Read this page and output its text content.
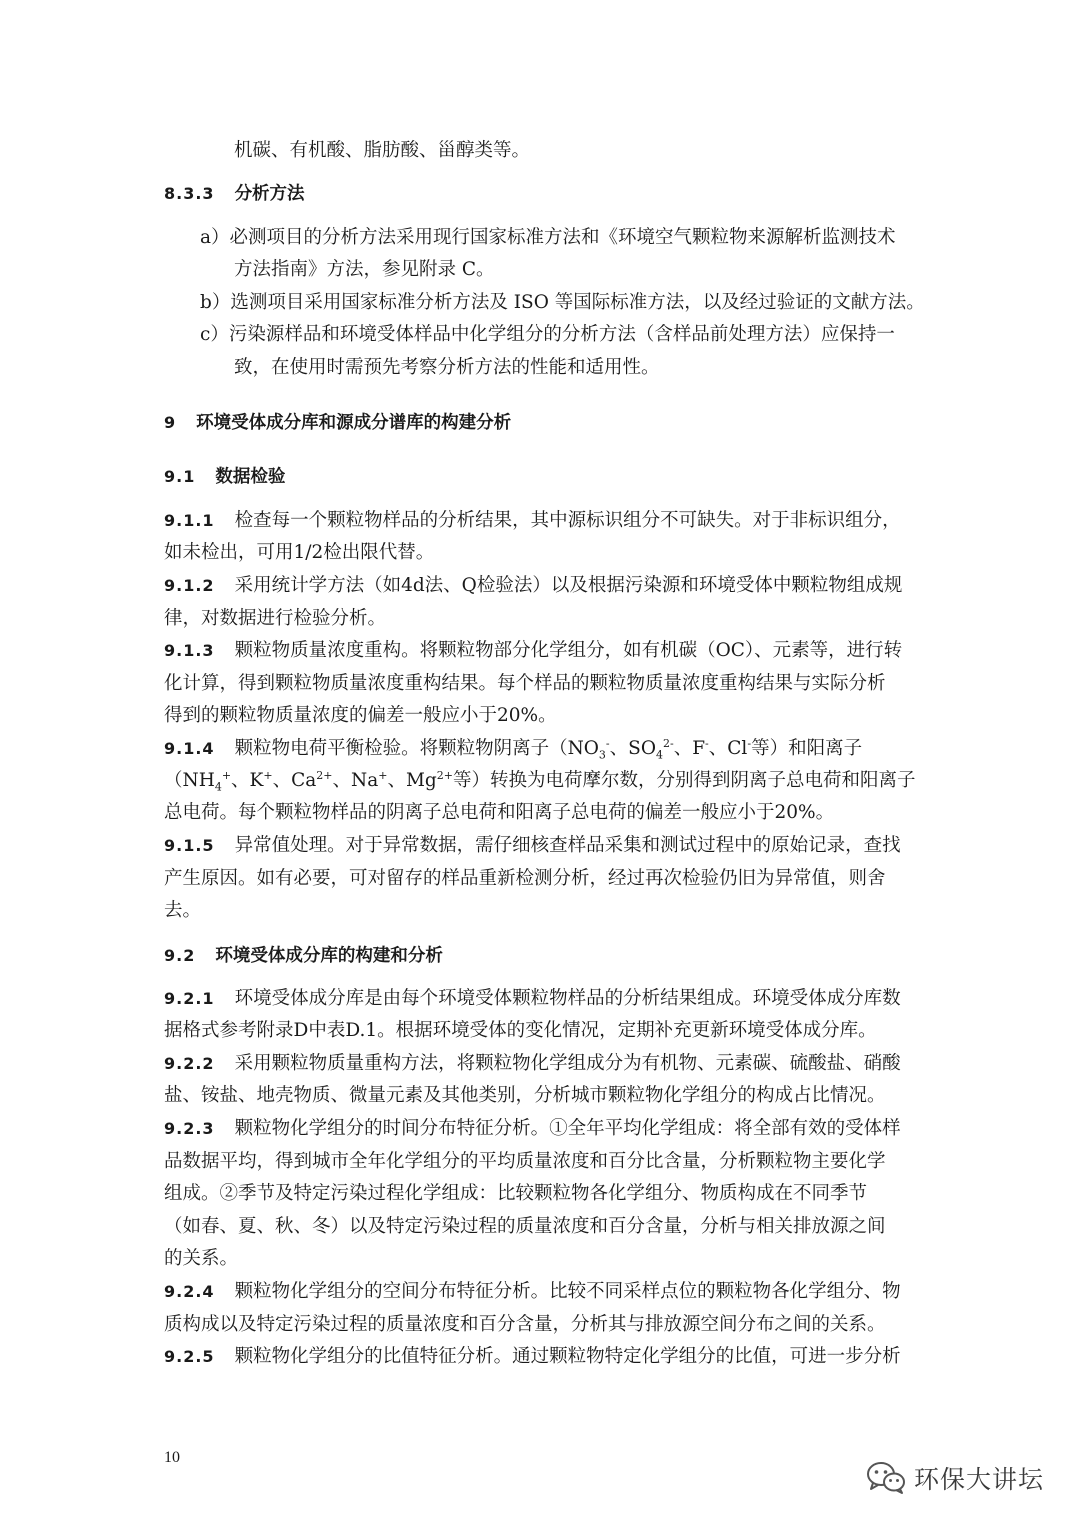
机碳、有机酸、脂肪酸、甾醇类等。

8.3.3 分析方法

a）必测项目的分析方法采用现行国家标准方法和《环境空气颗粒物来源解析监测技术

方法指南》方法，参见附录 C。

b）选测项目采用国家标准分析方法及 ISO 等国际标准方法，以及经过验证的文献方法。

c）污染源样品和环境受体样品中化学组分的分析方法（含样品前处理方法）应保持一

致，在使用时需预先考察分析方法的性能和适用性。

9 环境受体成分库和源成分谱库的构建分析

9.1 数据检验

9.1.1 检查每一个颗粒物样品的分析结果，其中源标识组分不可缺失。对于非标识组分，

如未检出，可用1/2检出限代替。

9.1.2 采用统计学方法（如4d法、Q检验法）以及根据污染源和环境受体中颗粒物组成规

律，对数据进行检验分析。

9.1.3 颗粒物质量浓度重构。将颗粒物部分化学组分，如有机碳（OC）、元素等，进行转

化计算，得到颗粒物质量浓度重构结果。每个样品的颗粒物质量浓度重构结果与实际分析

得到的颗粒物质量浓度的偏差一般应小于20%。

9.1.4 颗粒物电荷平衡检验。将颗粒物阴离子（$NO_3^-$、$SO_4^{2-}$、F-、Cl-等）和阳离子

（$NH_4^+$、K+、$Ca^{2+}$、Na+、$Mg^{2+}$等）转换为电荷摩尔数，分别得到阴离子总电荷和阳离子

总电荷。每个颗粒物样品的阴离子总电荷和阳离子总电荷的偏差一般应小于20%。

9.1.5 异常值处理。对于异常数据，需仔细核查样品采集和测试过程中的原始记录，查找

产生原因。如有必要，可对留存的样品重新检测分析，经过再次检验仍旧为异常值，则舍

去。

9.2 环境受体成分库的构建和分析

9.2.1 环境受体成分库是由每个环境受体颗粒物样品的分析结果组成。环境受体成分库数

据格式参考附录D中表D.1。根据环境受体的变化情况，定期补充更新环境受体成分库。

9.2.2 采用颗粒物质量重构方法，将颗粒物化学组成分为有机物、元素碳、硫酸盐、硝酸

盐、铵盐、地壳物质、微量元素及其他类别，分析城市颗粒物化学组分的构成占比情况。

9.2.3 颗粒物化学组分的时间分布特征分析。①全年平均化学组成：将全部有效的受体样

品数据平均，得到城市全年化学组分的平均质量浓度和百分比含量，分析颗粒物主要化学

组成。②季节及特定污染过程化学组成：比较颗粒物各化学组分、物质构成在不同季节

（如春、夏、秋、冬）以及特定污染过程的质量浓度和百分含量，分析与相关排放源之间

的关系。

9.2.4 颗粒物化学组分的空间分布特征分析。比较不同采样点位的颗粒物各化学组分、物

质构成以及特定污染过程的质量浓度和百分含量，分析其与排放源空间分布之间的关系。

9.2.5 颗粒物化学组分的比值特征分析。通过颗粒物特定化学组分的比值，可进一步分析

10
环保大讲坛
